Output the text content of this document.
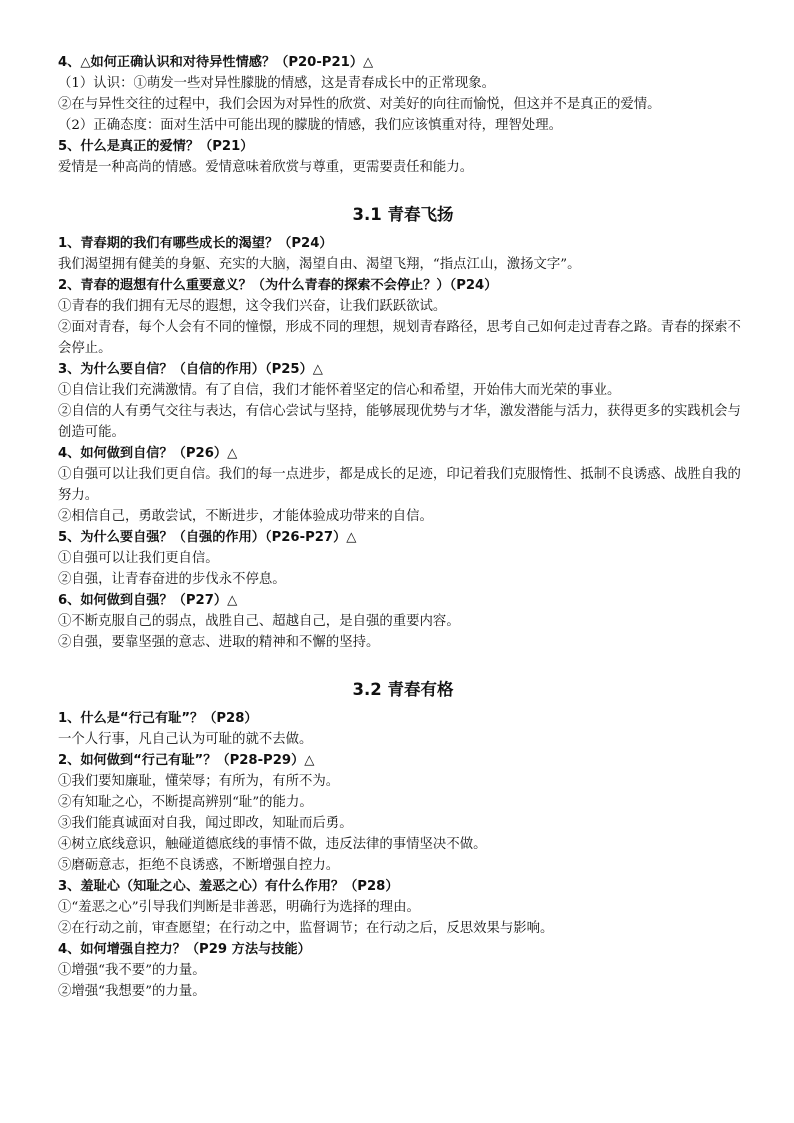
4、△如何正确认识和对待异性情感？（P20-P21）△
（1）认识：①萌发一些对异性朦胧的情感，这是青春成长中的正常现象。
②在与异性交往的过程中，我们会因为对异性的欣赏、对美好的向往而愉悦，但这并不是真正的爱情。
（2）正确态度：面对生活中可能出现的朦胧的情感，我们应该慎重对待，理智处理。
5、什么是真正的爱情？（P21）
爱情是一种高尚的情感。爱情意味着欣赏与尊重，更需要责任和能力。
3.1 青春飞扬
1、青春期的我们有哪些成长的渴望？（P24）
我们渴望拥有健美的身躯、充实的大脑，渴望自由、渴望飞翔，“指点江山，激扬文字”。
2、青春的遐想有什么重要意义？（为什么青春的探索不会停止？）（P24）
①青春的我们拥有无尽的遐想，这令我们兴奋，让我们跃跃欲试。
②面对青春，每个人会有不同的憧憬，形成不同的理想，规划青春路径，思考自己如何走过青春之路。青春的探索不会停止。
3、为什么要自信？（自信的作用）（P25）△
①自信让我们充满激情。有了自信，我们才能怀着坚定的信心和希望，开始伟大而光荣的事业。
②自信的人有勇气交往与表达，有信心尝试与坚持，能够展现优势与才华，激发潜能与活力，获得更多的实践机会与创造可能。
4、如何做到自信？（P26）△
①自强可以让我们更自信。我们的每一点进步，都是成长的足迹，印记着我们克服惰性、抵制不良诱惑、战胜自我的努力。
②相信自己，勇敢尝试，不断进步，才能体验成功带来的自信。
5、为什么要自强？（自强的作用）（P26-P27）△
①自强可以让我们更自信。
②自强，让青春奋进的步伐永不停息。
6、如何做到自强？（P27）△
①不断克服自己的弱点，战胜自己、超越自己，是自强的重要内容。
②自强，要靠坚强的意志、进取的精神和不懈的坚持。
3.2 青春有格
1、什么是“行己有耻”？（P28）
一个人行事，凡自己认为可耻的就不去做。
2、如何做到“行己有耻”？（P28-P29）△
①我们要知廉耻，懂荣辱；有所为，有所不为。
②有知耻之心，不断提高辨别“耻”的能力。
③我们能真诚面对自我，闻过即改，知耻而后勇。
④树立底线意识，触碰道德底线的事情不做，违反法律的事情坚决不做。
⑤磨砺意志，拒绝不良诱惑，不断增强自控力。
3、羞耻心（知耻之心、羞恶之心）有什么作用？（P28）
①“羞恶之心”引导我们判断是非善恶，明确行为选择的理由。
②在行动之前，审查愿望；在行动之中，监督调节；在行动之后，反思效果与影响。
4、如何增强自控力？（P29 方法与技能）
①增强“我不要”的力量。
②增强“我想要”的力量。
